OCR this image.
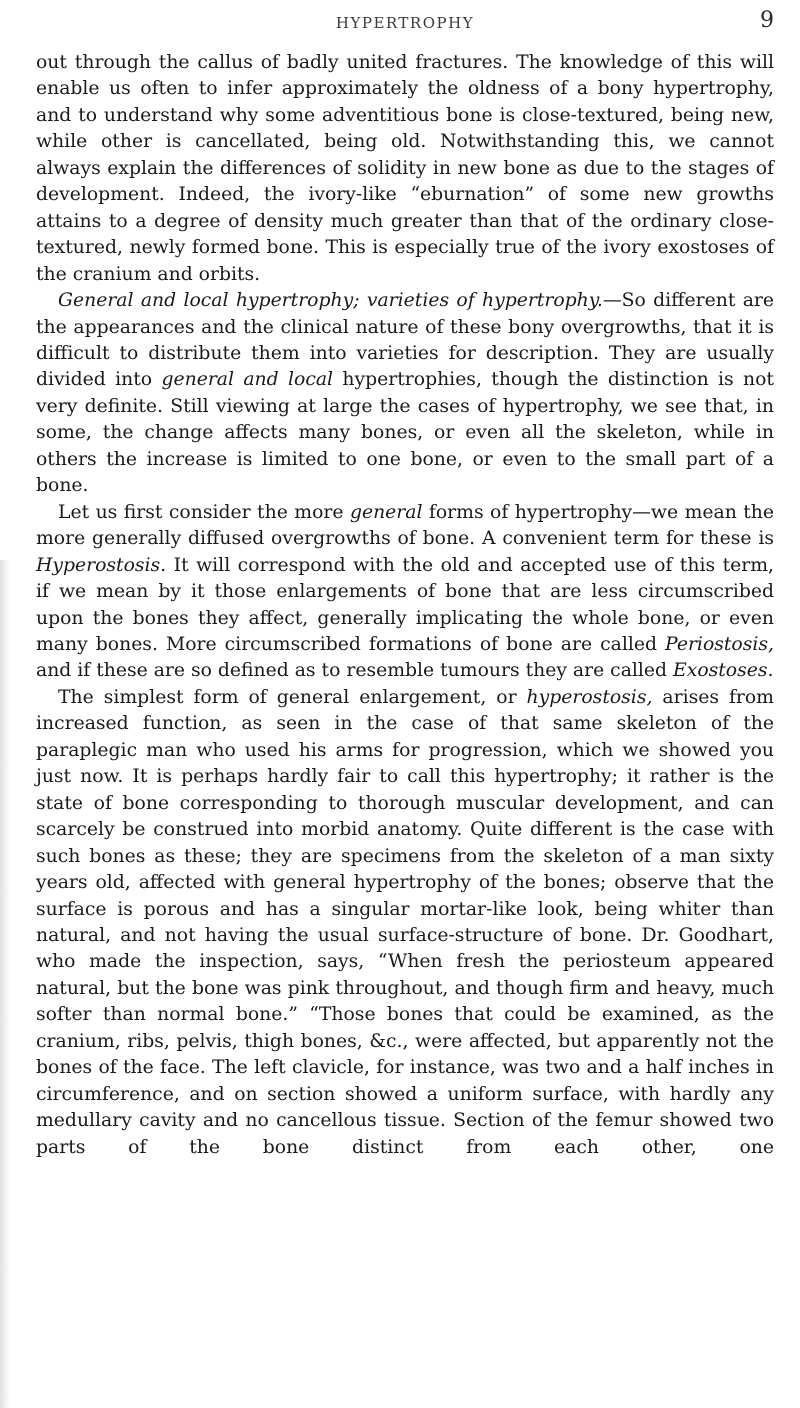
HYPERTROPHY	9

out through the callus of badly united fractures. The knowledge of this will enable us often to infer approximately the oldness of a bony hypertrophy, and to understand why some adventitious bone is close-textured, being new, while other is cancellated, being old. Notwithstanding this, we cannot always explain the differences of solidity in new bone as due to the stages of development. Indeed, the ivory-like “eburnation” of some new growths attains to a degree of density much greater than that of the ordinary close-textured, newly formed bone. This is especially true of the ivory exostoses of the cranium and orbits.

General and local hypertrophy; varieties of hypertrophy.—So different are the appearances and the clinical nature of these bony overgrowths, that it is difficult to distribute them into varieties for description. They are usually divided into general and local hypertrophies, though the distinction is not very definite. Still viewing at large the cases of hypertrophy, we see that, in some, the change affects many bones, or even all the skeleton, while in others the increase is limited to one bone, or even to the small part of a bone.

Let us first consider the more general forms of hypertrophy—we mean the more generally diffused overgrowths of bone. A convenient term for these is Hyperostosis. It will correspond with the old and accepted use of this term, if we mean by it those enlargements of bone that are less circumscribed upon the bones they affect, generally implicating the whole bone, or even many bones. More circumscribed formations of bone are called Periostosis, and if these are so defined as to resemble tumours they are called Exostoses.

The simplest form of general enlargement, or hyperostosis, arises from increased function, as seen in the case of that same skeleton of the paraplegic man who used his arms for progression, which we showed you just now. It is perhaps hardly fair to call this hypertrophy; it rather is the state of bone corresponding to thorough muscular development, and can scarcely be construed into morbid anatomy. Quite different is the case with such bones as these; they are specimens from the skeleton of a man sixty years old, affected with general hypertrophy of the bones; observe that the surface is porous and has a singular mortar-like look, being whiter than natural, and not having the usual surface-structure of bone. Dr. Goodhart, who made the inspection, says, “When fresh the periosteum appeared natural, but the bone was pink throughout, and though firm and heavy, much softer than normal bone.” “Those bones that could be examined, as the cranium, ribs, pelvis, thigh bones, &c., were affected, but apparently not the bones of the face. The left clavicle, for instance, was two and a half inches in circumference, and on section showed a uniform surface, with hardly any medullary cavity and no cancellous tissue. Section of the femur showed two parts of the bone distinct from each other, one
